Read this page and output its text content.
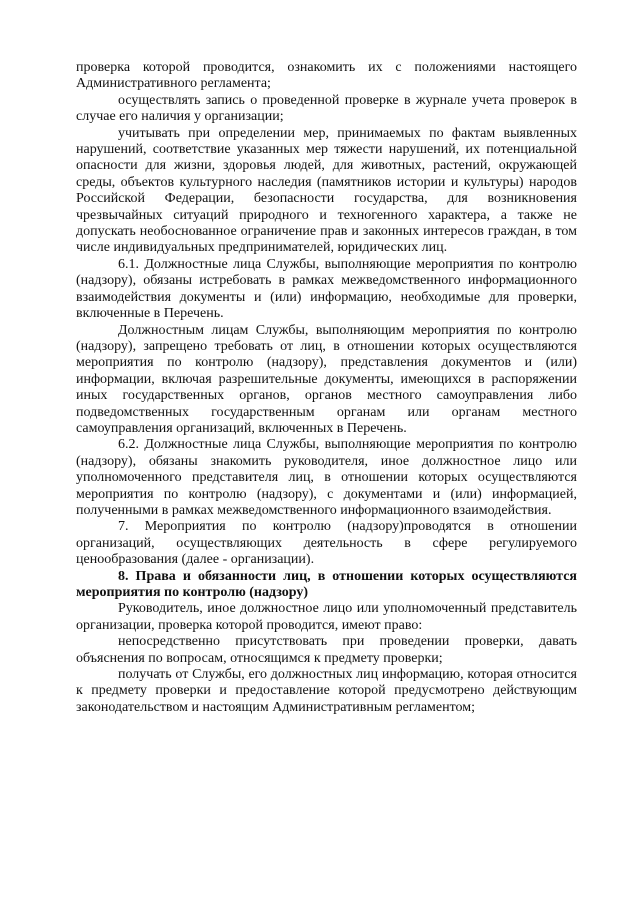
проверка которой проводится, ознакомить их с положениями настоящего Административного регламента;

осуществлять запись о проведенной проверке в журнале учета проверок в случае его наличия у организации;

учитывать при определении мер, принимаемых по фактам выявленных нарушений, соответствие указанных мер тяжести нарушений, их потенциальной опасности для жизни, здоровья людей, для животных, растений, окружающей среды, объектов культурного наследия (памятников истории и культуры) народов Российской Федерации, безопасности государства, для возникновения чрезвычайных ситуаций природного и техногенного характера, а также не допускать необоснованное ограничение прав и законных интересов граждан, в том числе индивидуальных предпринимателей, юридических лиц.

6.1. Должностные лица Службы, выполняющие мероприятия по контролю (надзору), обязаны истребовать в рамках межведомственного информационного взаимодействия документы и (или) информацию, необходимые для проверки, включенные в Перечень.

Должностным лицам Службы, выполняющим мероприятия по контролю (надзору), запрещено требовать от лиц, в отношении которых осуществляются мероприятия по контролю (надзору), представления документов и (или) информации, включая разрешительные документы, имеющихся в распоряжении иных государственных органов, органов местного самоуправления либо подведомственных государственным органам или органам местного самоуправления организаций, включенных в Перечень.

6.2. Должностные лица Службы, выполняющие мероприятия по контролю (надзору), обязаны знакомить руководителя, иное должностное лицо или уполномоченного представителя лиц, в отношении которых осуществляются мероприятия по контролю (надзору), с документами и (или) информацией, полученными в рамках межведомственного информационного взаимодействия.

7. Мероприятия по контролю (надзору)проводятся в отношении организаций, осуществляющих деятельность в сфере регулируемого ценообразования (далее - организации).

8. Права и обязанности лиц, в отношении которых осуществляются мероприятия по контролю (надзору)

Руководитель, иное должностное лицо или уполномоченный представитель организации, проверка которой проводится, имеют право:

непосредственно присутствовать при проведении проверки, давать объяснения по вопросам, относящимся к предмету проверки;

получать от Службы, его должностных лиц информацию, которая относится к предмету проверки и предоставление которой предусмотрено действующим законодательством и настоящим Административным регламентом;
